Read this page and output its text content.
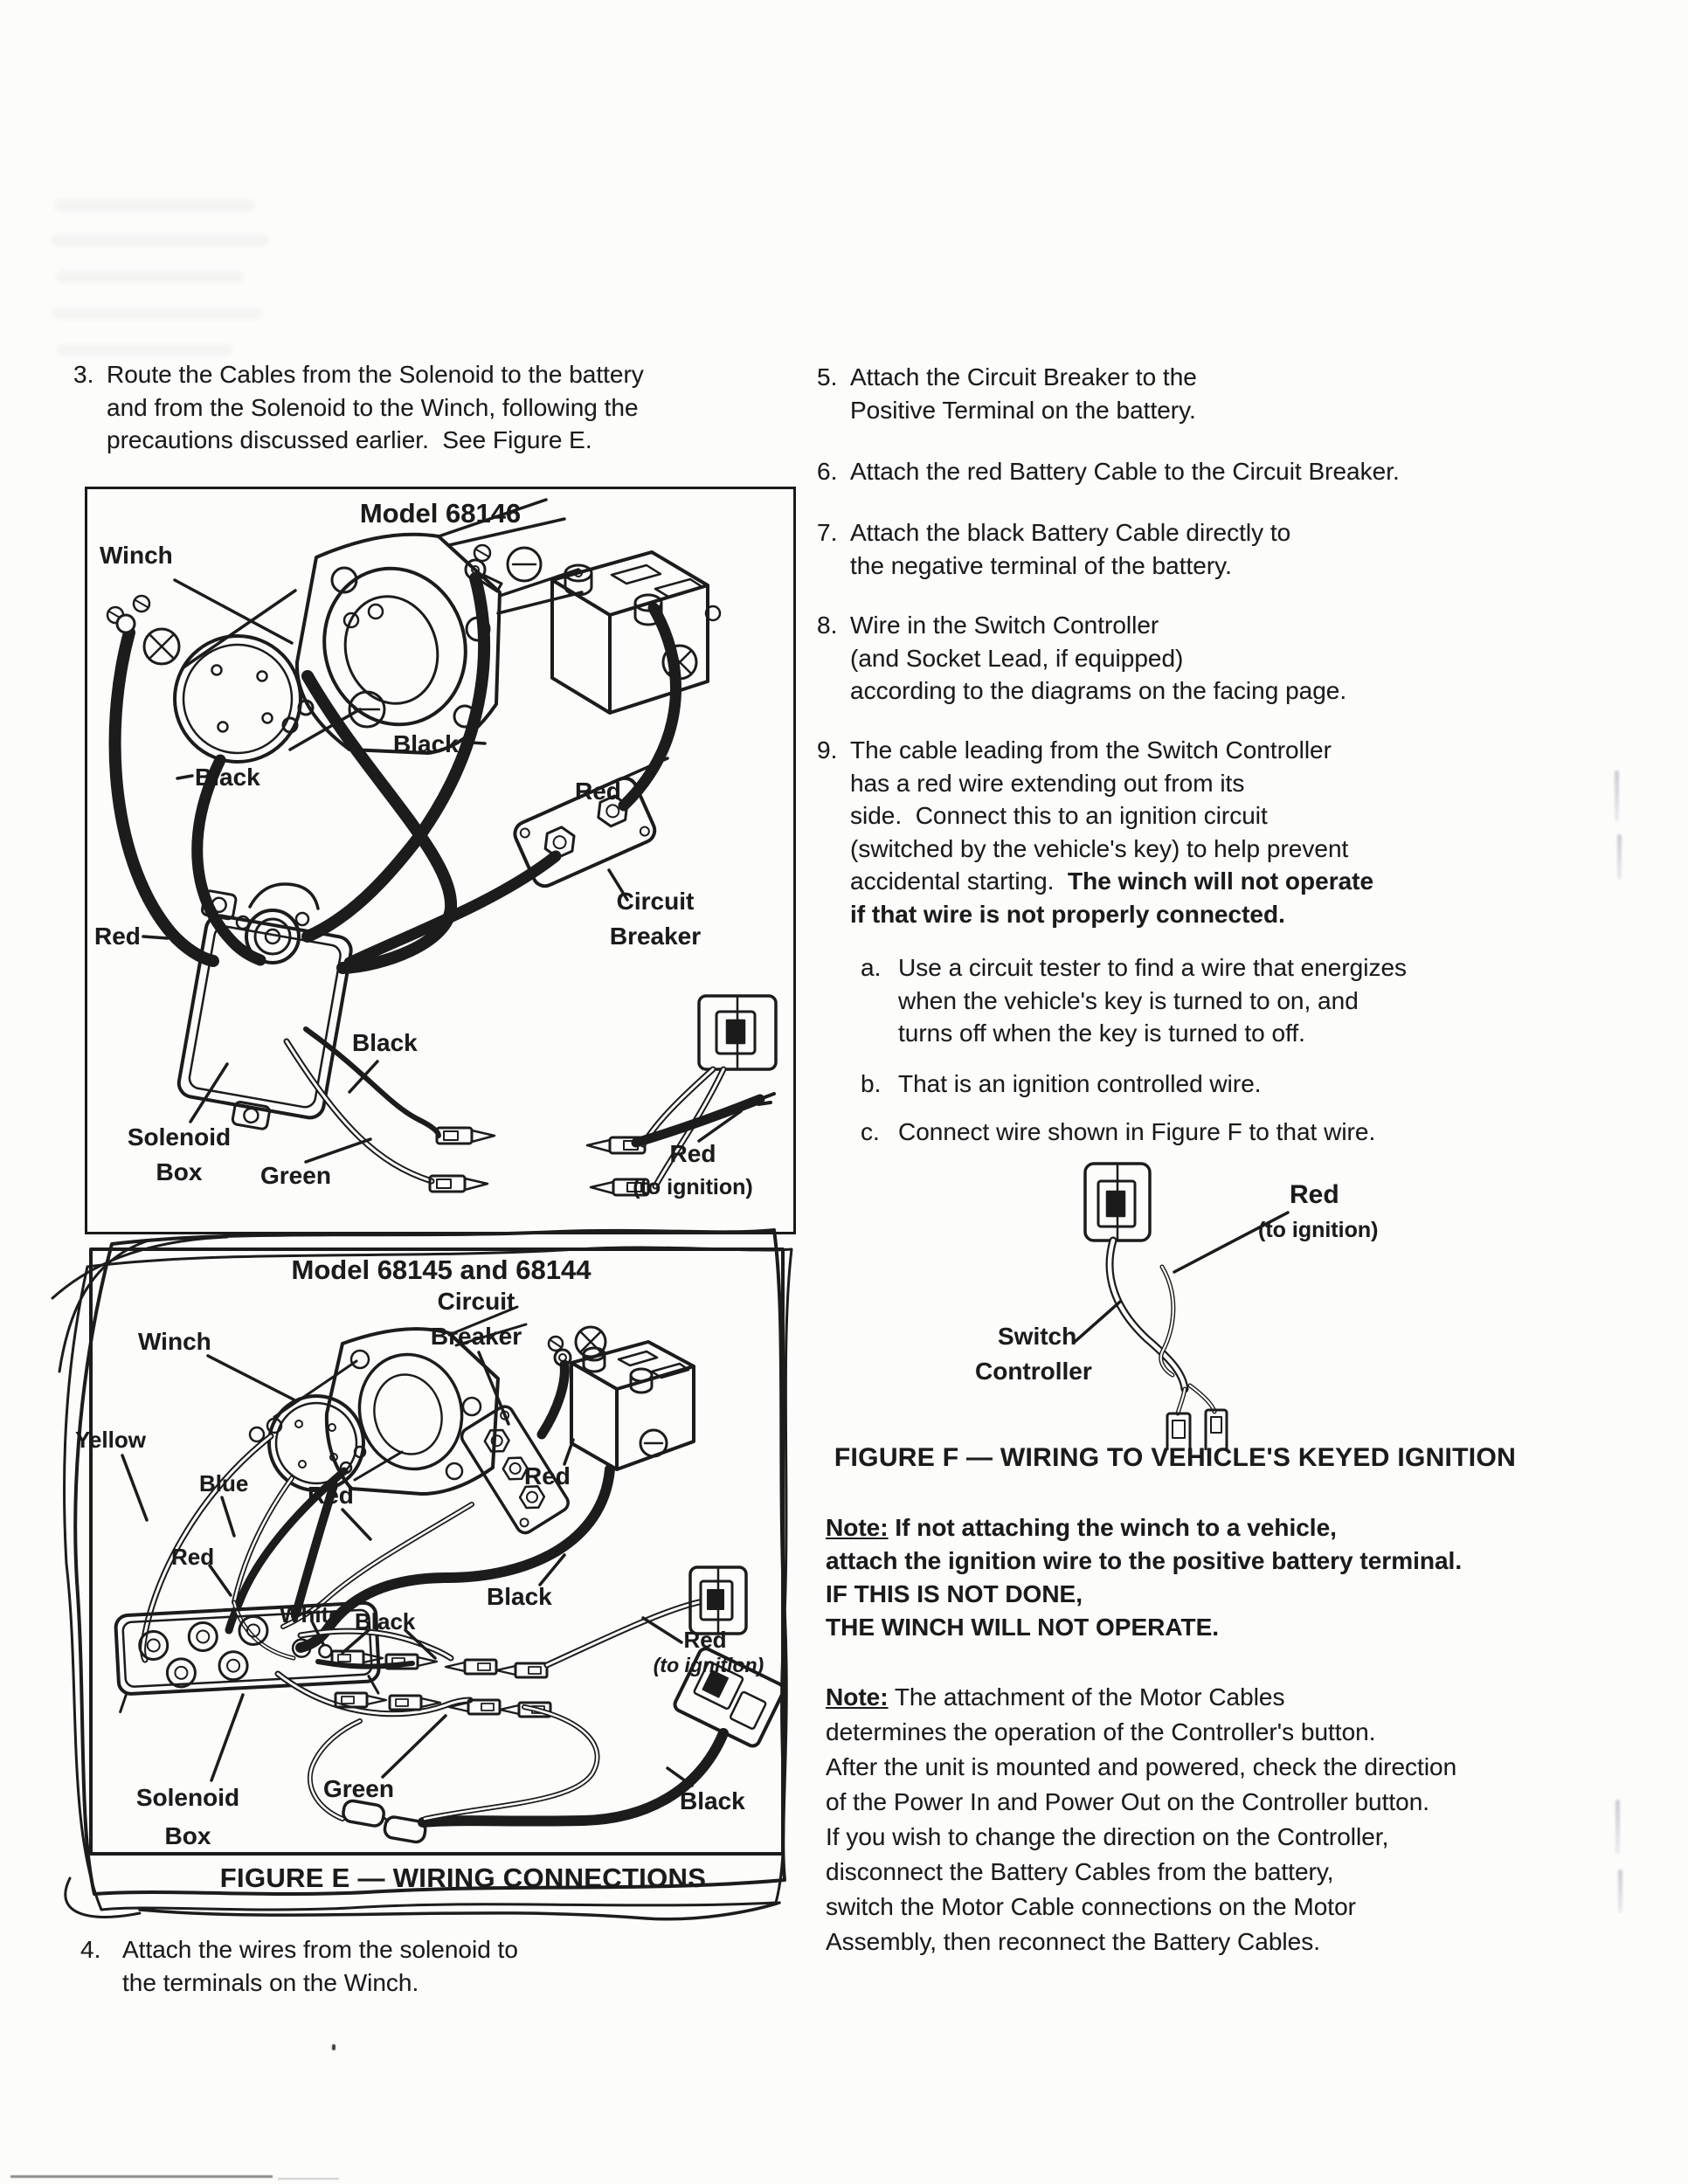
3. Route the Cables from the Solenoid to the battery
and from the Solenoid to the Winch, following the
precautions discussed earlier.  See Figure E.
Model 68146
Winch
Black
Black
Red
Circuit
Breaker
Red
Black
Solenoid
Box	Green
Red
(to ignition)
Model 68145 and 68144
Circuit
Breaker
Winch
Yellow
Blue Red
Red
Red
Black
White Black
Red
(to ignition)
Green
Solenoid
Box
Black
FIGURE E — WIRING CONNECTIONS
4. Attach the wires from the solenoid to
the terminals on the Winch.
5. Attach the Circuit Breaker to the
Positive Terminal on the battery.
6. Attach the red Battery Cable to the Circuit Breaker.
7. Attach the black Battery Cable directly to
the negative terminal of the battery.
8. Wire in the Switch Controller
(and Socket Lead, if equipped)
according to the diagrams on the facing page.
9. The cable leading from the Switch Controller
has a red wire extending out from its
side.  Connect this to an ignition circuit
(switched by the vehicle's key) to help prevent
accidental starting.  The winch will not operate
if that wire is not properly connected.
a. Use a circuit tester to find a wire that energizes
when the vehicle's key is turned to on, and
turns off when the key is turned to off.
b. That is an ignition controlled wire.
c. Connect wire shown in Figure F to that wire.
Red
(to ignition)
Switch
Controller
FIGURE F — WIRING TO VEHICLE'S KEYED IGNITION
Note: If not attaching the winch to a vehicle,
attach the ignition wire to the positive battery terminal.
IF THIS IS NOT DONE,
THE WINCH WILL NOT OPERATE.
Note: The attachment of the Motor Cables
determines the operation of the Controller's button.
After the unit is mounted and powered, check the direction
of the Power In and Power Out on the Controller button.
If you wish to change the direction on the Controller,
disconnect the Battery Cables from the battery,
switch the Motor Cable connections on the Motor
Assembly, then reconnect the Battery Cables.
